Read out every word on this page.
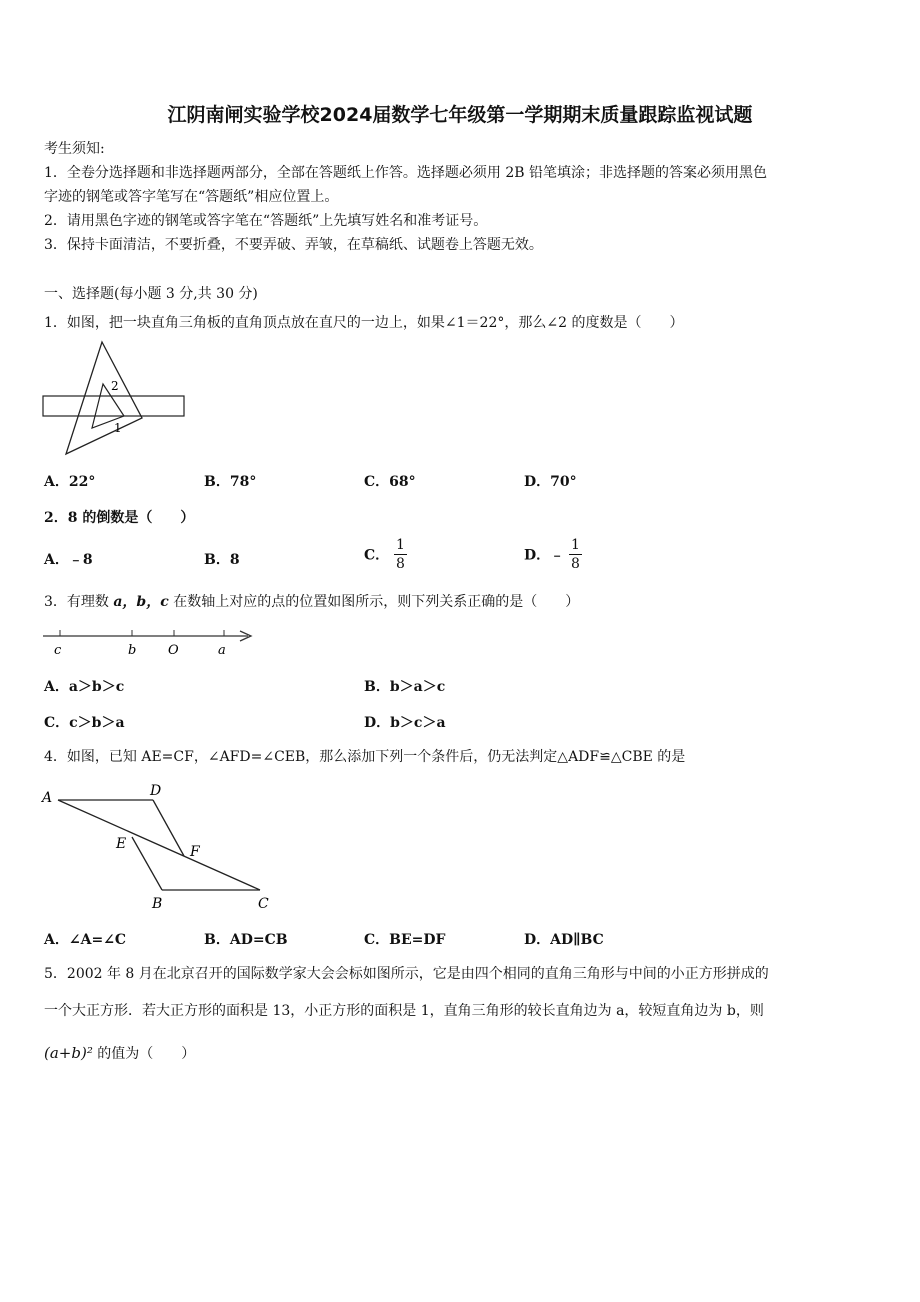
江阴南闸实验学校2024届数学七年级第一学期期末质量跟踪监视试题
考生须知:
1．全卷分选择题和非选择题两部分，全部在答题纸上作答。选择题必须用 2B 铅笔填涂；非选择题的答案必须用黑色
字迹的钢笔或答字笔写在“答题纸”相应位置上。
2．请用黑色字迹的钢笔或答字笔在“答题纸”上先填写姓名和准考证号。
3．保持卡面清洁，不要折叠，不要弄破、弄皱，在草稿纸、试题卷上答题无效。
一、选择题(每小题 3 分,共 30 分)
1．如图，把一块直角三角板的直角顶点放在直尺的一边上，如果∠1＝22°，那么∠2 的度数是（　　）
2
1
A．22°	B．78°	C．68°	D．70°
2．8 的倒数是（　　）
A．﹣8	B．8	C． $\frac{1}{8}$	D．﹣ $\frac{1}{8}$
3．有理数 a，b，c 在数轴上对应的点的位置如图所示，则下列关系正确的是（　　）
c	b O	a
A．a＞b＞c	B．b＞a＞c
C．c＞b＞a	D．b＞c＞a
4．如图，已知 AE=CF，∠AFD=∠CEB，那么添加下列一个条件后，仍无法判定△ADF≌△CBE 的是
A	D
E	F
B	C
A．∠A=∠C	B．AD=CB	C．BE=DF	D．AD∥BC
5．2002 年 8 月在北京召开的国际数学家大会会标如图所示，它是由四个相同的直角三角形与中间的小正方形拼成的
一个大正方形．若大正方形的面积是 13，小正方形的面积是 1，直角三角形的较长直角边为 a，较短直角边为 b，则
(a+b)² 的值为（　　）
